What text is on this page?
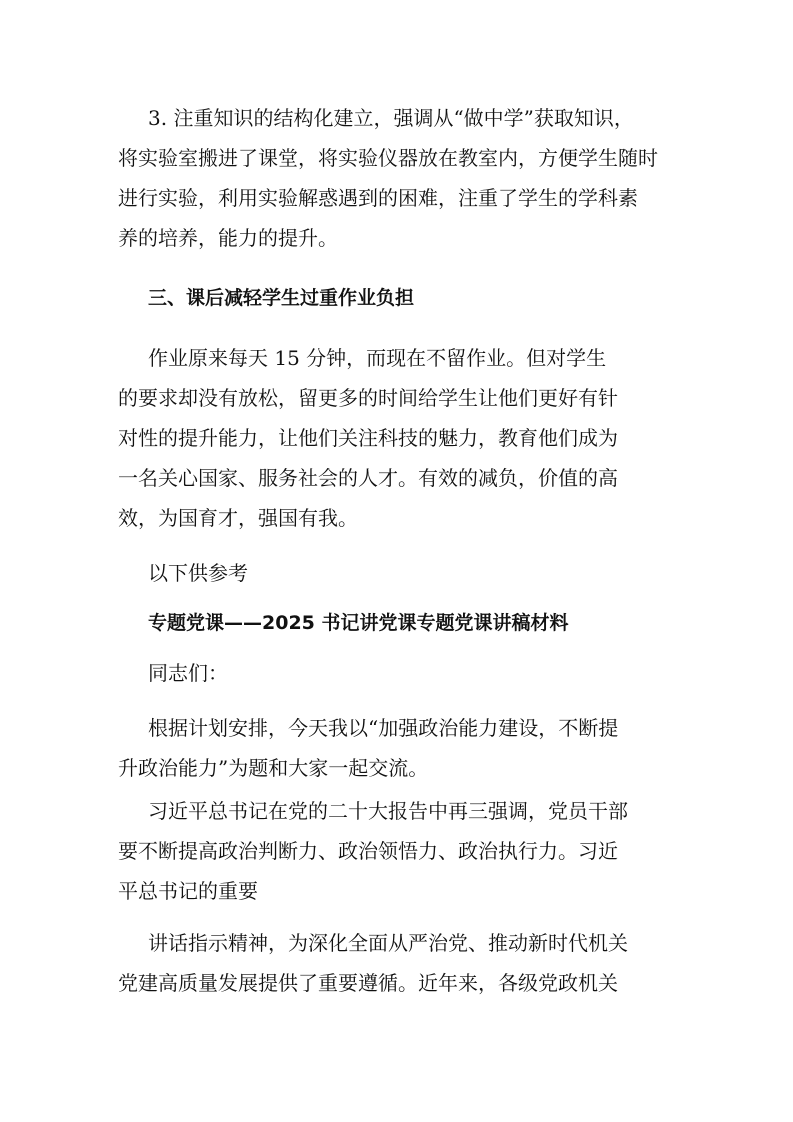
3. 注重知识的结构化建立，强调从“做中学”获取知识，
将实验室搬进了课堂，将实验仪器放在教室内，方便学生随时
进行实验，利用实验解惑遇到的困难，注重了学生的学科素
养的培养，能力的提升。
三、课后减轻学生过重作业负担
作业原来每天 15 分钟，而现在不留作业。但对学生
的要求却没有放松，留更多的时间给学生让他们更好有针
对性的提升能力，让他们关注科技的魅力，教育他们成为
一名关心国家、服务社会的人才。有效的减负，价值的高
效，为国育才，强国有我。
以下供参考
专题党课——2025 书记讲党课专题党课讲稿材料
同志们：
根据计划安排，今天我以“加强政治能力建设，不断提
升政治能力”为题和大家一起交流。
习近平总书记在党的二十大报告中再三强调，党员干部
要不断提高政治判断力、政治领悟力、政治执行力。习近
平总书记的重要
讲话指示精神，为深化全面从严治党、推动新时代机关
党建高质量发展提供了重要遵循。近年来，各级党政机关
